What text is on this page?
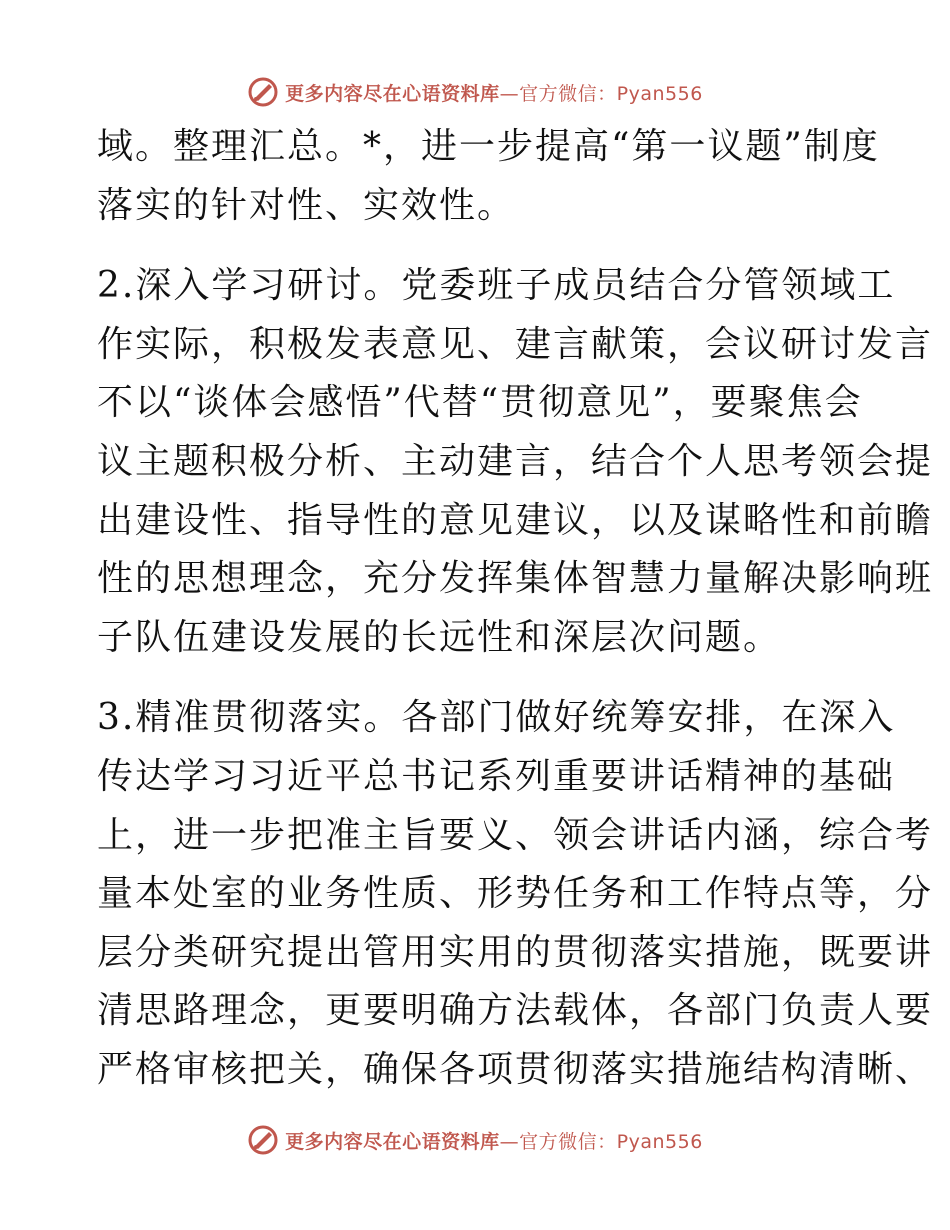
更多内容尽在心语资料库 —官方微信：Pyan556
域。整理汇总。*，进一步提高“第一议题”制度
落实的针对性、实效性。
2.深入学习研讨。党委班子成员结合分管领域工
作实际，积极发表意见、建言献策，会议研讨发言
不以“谈体会感悟”代替“贯彻意见”，要聚焦会
议主题积极分析、主动建言，结合个人思考领会提
出建设性、指导性的意见建议，以及谋略性和前瞻
性的思想理念，充分发挥集体智慧力量解决影响班
子队伍建设发展的长远性和深层次问题。
3.精准贯彻落实。各部门做好统筹安排，在深入
传达学习习近平总书记系列重要讲话精神的基础
上，进一步把准主旨要义、领会讲话内涵，综合考
量本处室的业务性质、形势任务和工作特点等，分
层分类研究提出管用实用的贯彻落实措施，既要讲
清思路理念，更要明确方法载体，各部门负责人要
严格审核把关，确保各项贯彻落实措施结构清晰、
更多内容尽在心语资料库 —官方微信：Pyan556
